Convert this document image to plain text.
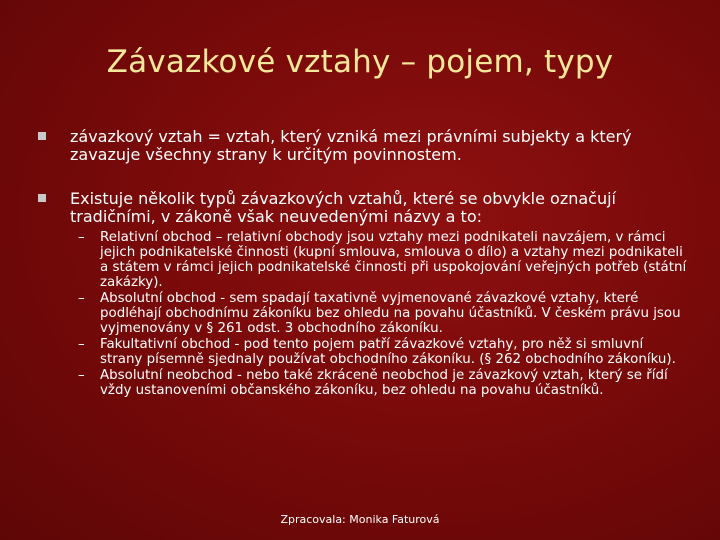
Závazkové vztahy – pojem, typy
závazkový vztah = vztah, který vzniká mezi právními subjekty a který zavazuje všechny strany k určitým povinnostem.
Existuje několik typů závazkových vztahů, které se obvykle označují tradičními, v zákoně však neuvedenými názvy a to:
– Relativní obchod – relativní obchody jsou vztahy mezi podnikateli navzájem, v rámci jejich podnikatelské činnosti (kupní smlouva, smlouva o dílo) a vztahy mezi podnikateli a státem v rámci jejich podnikatelské činnosti při uspokojování veřejných potřeb (státní zakázky).
– Absolutní obchod - sem spadají taxativně vyjmenované závazkové vztahy, které podléhají obchodnímu zákoníku bez ohledu na povahu účastníků. V českém právu jsou vyjmenovány v § 261 odst. 3 obchodního zákoníku.
– Fakultativní obchod - pod tento pojem patří závazkové vztahy, pro něž si smluvní strany písemně sjednaly používat obchodního zákoníku. (§ 262 obchodního zákoníku).
– Absolutní neobchod - nebo také zkráceně neobchod je závazkový vztah, který se řídí vždy ustanoveními občanského zákoníku, bez ohledu na povahu účastníků.
Zpracovala: Monika Faturová
